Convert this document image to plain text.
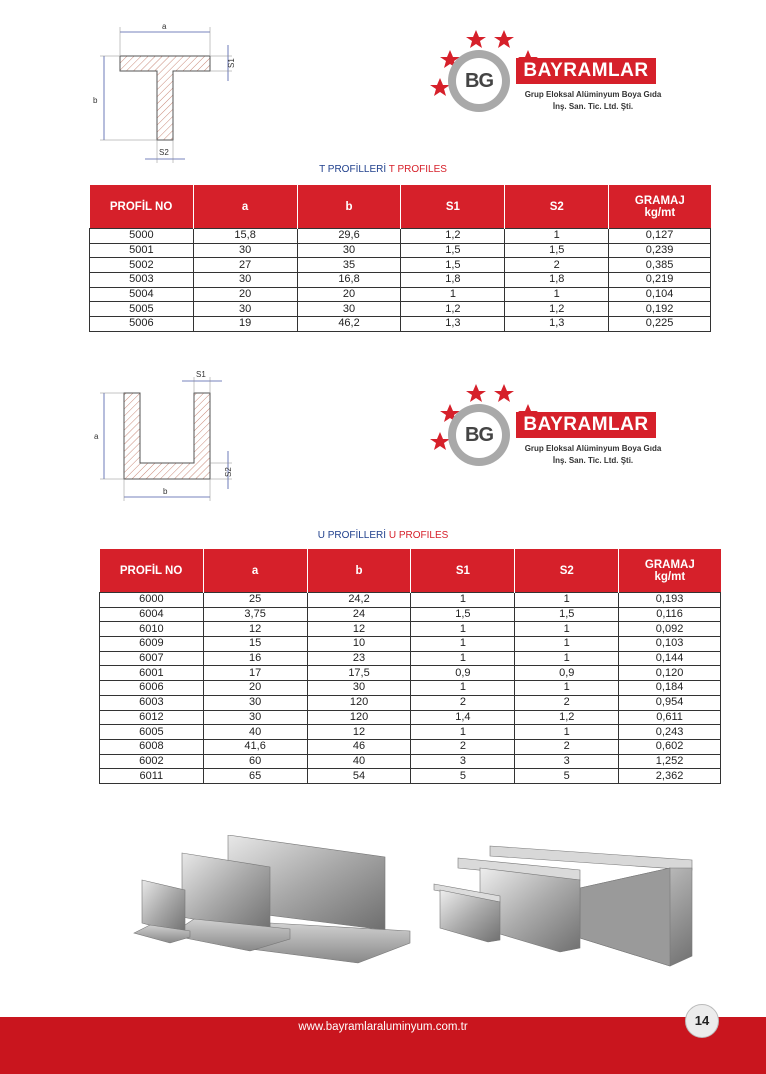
a
b
S1
S2
BG	BAYRAMLAR
Grup Eloksal Alüminyum Boya Gıda
İnş. San. Tic. Ltd. Şti.
T PROFİLLERİ T PROFILES
PROFİL NO	a	b	S1	S2	GRAMAJ
kg/mt
5000	15,8	29,6	1,2	1	0,127
5001	30	30	1,5	1,5	0,239
5002	27	35	1,5	2	0,385
5003	30	16,8	1,8	1,8	0,219
5004	20	20	1	1	0,104
5005	30	30	1,2	1,2	0,192
5006	19	46,2	1,3	1,3	0,225
a
b
S1
S2
BG	BAYRAMLAR
Grup Eloksal Alüminyum Boya Gıda
İnş. San. Tic. Ltd. Şti.
U PROFİLLERİ U PROFILES
PROFİL NO	a	b	S1	S2	GRAMAJ
kg/mt
6000	25	24,2	1	1	0,193
6004	3,75	24	1,5	1,5	0,116
6010	12	12	1	1	0,092
6009	15	10	1	1	0,103
6007	16	23	1	1	0,144
6001	17	17,5	0,9	0,9	0,120
6006	20	30	1	1	0,184
6003	30	120	2	2	0,954
6012	30	120	1,4	1,2	0,611
6005	40	12	1	1	0,243
6008	41,6	46	2	2	0,602
6002	60	40	3	3	1,252
6011	65	54	5	5	2,362
www.bayramlaraluminyum.com.tr	14
